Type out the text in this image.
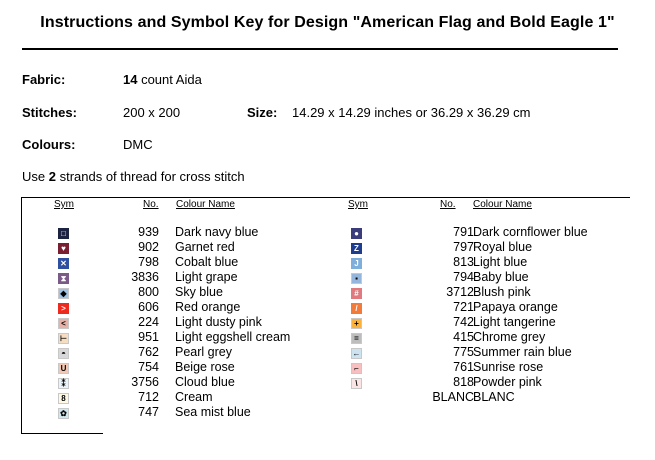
Instructions and Symbol Key for Design "American Flag and Bold Eagle 1"
Fabric:	14 count Aida
Stitches:	200 x 200	Size: 14.29 x 14.29 inches or 36.29 x 36.29 cm
Colours:	DMC
Use 2 strands of thread for cross stitch
Sym	No. Colour Name	Sym	No. Colour Name
□	939 Dark navy blue
♥	902 Garnet red
✕	798 Cobalt blue
⧗	3836 Light grape
◆	800 Sky blue
>	606 Red orange
<	224 Light dusty pink
⊢	951 Light eggshell cream
◓	762 Pearl grey
U	754 Beige rose
⁑	3756 Cloud blue
8	712 Cream
✿	747 Sea mist blue
●	791 Dark cornflower blue
Z	797 Royal blue
J	813 Light blue
▪	794 Baby blue
#	3712 Blush pink
/	721 Papaya orange
+	742 Light tangerine
=	415 Chrome grey
←	775 Summer rain blue
⌐	761 Sunrise rose
\	818 Powder pink
BLANC BLANC
